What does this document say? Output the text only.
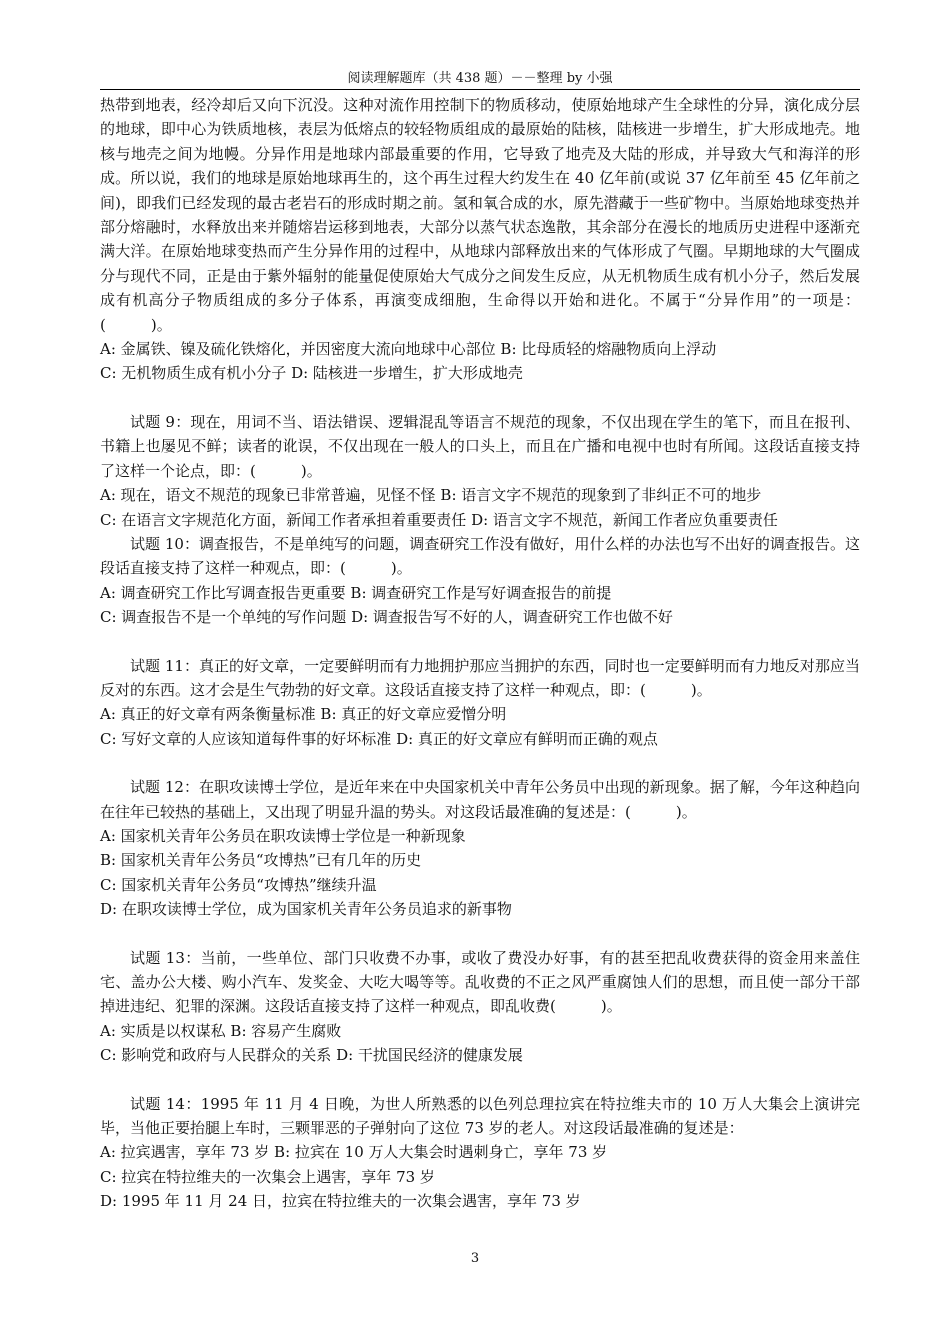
阅读理解题库（共 438 题）－－整理 by 小强

热带到地表，经冷却后又向下沉没。这种对流作用控制下的物质移动，使原始地球产生全球性的分异，演化成分层的地球，即中心为铁质地核，表层为低熔点的较轻物质组成的最原始的陆核，陆核进一步增生，扩大形成地壳。地核与地壳之间为地幔。分异作用是地球内部最重要的作用，它导致了地壳及大陆的形成，并导致大气和海洋的形成。所以说，我们的地球是原始地球再生的，这个再生过程大约发生在 40 亿年前(或说 37 亿年前至 45 亿年前之间)，即我们已经发现的最古老岩石的形成时期之前。氢和氧合成的水，原先潜藏于一些矿物中。当原始地球变热并部分熔融时，水释放出来并随熔岩运移到地表，大部分以蒸气状态逸散，其余部分在漫长的地质历史进程中逐渐充满大洋。在原始地球变热而产生分异作用的过程中，从地球内部释放出来的气体形成了气圈。早期地球的大气圈成分与现代不同，正是由于紫外辐射的能量促使原始大气成分之间发生反应，从无机物质生成有机小分子，然后发展成有机高分子物质组成的多分子体系，再演变成细胞，生命得以开始和进化。不属于“分异作用”的一项是：(　　　)。

A: 金属铁、镍及硫化铁熔化，并因密度大流向地球中心部位 B: 比母质轻的熔融物质向上浮动

C: 无机物质生成有机小分子 D: 陆核进一步增生，扩大形成地壳

试题 9：现在，用词不当、语法错误、逻辑混乱等语言不规范的现象，不仅出现在学生的笔下，而且在报刊、书籍上也屡见不鲜；读者的讹误，不仅出现在一般人的口头上，而且在广播和电视中也时有所闻。这段话直接支持了这样一个论点，即：(　　　)。

A: 现在，语文不规范的现象已非常普遍，见怪不怪 B: 语言文字不规范的现象到了非纠正不可的地步

C: 在语言文字规范化方面，新闻工作者承担着重要责任 D: 语言文字不规范，新闻工作者应负重要责任

试题 10：调查报告，不是单纯写的问题，调查研究工作没有做好，用什么样的办法也写不出好的调查报告。这段话直接支持了这样一种观点，即：(　　　)。

A: 调查研究工作比写调查报告更重要 B: 调查研究工作是写好调查报告的前提

C: 调查报告不是一个单纯的写作问题 D: 调查报告写不好的人，调查研究工作也做不好

试题 11：真正的好文章，一定要鲜明而有力地拥护那应当拥护的东西，同时也一定要鲜明而有力地反对那应当反对的东西。这才会是生气勃勃的好文章。这段话直接支持了这样一种观点，即：(　　　)。

A: 真正的好文章有两条衡量标准 B: 真正的好文章应爱憎分明

C: 写好文章的人应该知道每件事的好坏标准 D: 真正的好文章应有鲜明而正确的观点

试题 12：在职攻读博士学位，是近年来在中央国家机关中青年公务员中出现的新现象。据了解，今年这种趋向在往年已较热的基础上，又出现了明显升温的势头。对这段话最准确的复述是：(　　　)。

A: 国家机关青年公务员在职攻读博士学位是一种新现象

B: 国家机关青年公务员“攻博热”已有几年的历史

C: 国家机关青年公务员“攻博热”继续升温

D: 在职攻读博士学位，成为国家机关青年公务员追求的新事物

试题 13：当前，一些单位、部门只收费不办事，或收了费没办好事，有的甚至把乱收费获得的资金用来盖住宅、盖办公大楼、购小汽车、发奖金、大吃大喝等等。乱收费的不正之风严重腐蚀人们的思想，而且使一部分干部掉进违纪、犯罪的深渊。这段话直接支持了这样一种观点，即乱收费(　　　)。

A: 实质是以权谋私 B: 容易产生腐败

C: 影响党和政府与人民群众的关系 D: 干扰国民经济的健康发展

试题 14：1995 年 11 月 4 日晚，为世人所熟悉的以色列总理拉宾在特拉维夫市的 10 万人大集会上演讲完毕，当他正要抬腿上车时，三颗罪恶的子弹射向了这位 73 岁的老人。对这段话最准确的复述是：

A: 拉宾遇害，享年 73 岁 B: 拉宾在 10 万人大集会时遇刺身亡，享年 73 岁

C: 拉宾在特拉维夫的一次集会上遇害，享年 73 岁

D: 1995 年 11 月 24 日，拉宾在特拉维夫的一次集会遇害，享年 73 岁

3
